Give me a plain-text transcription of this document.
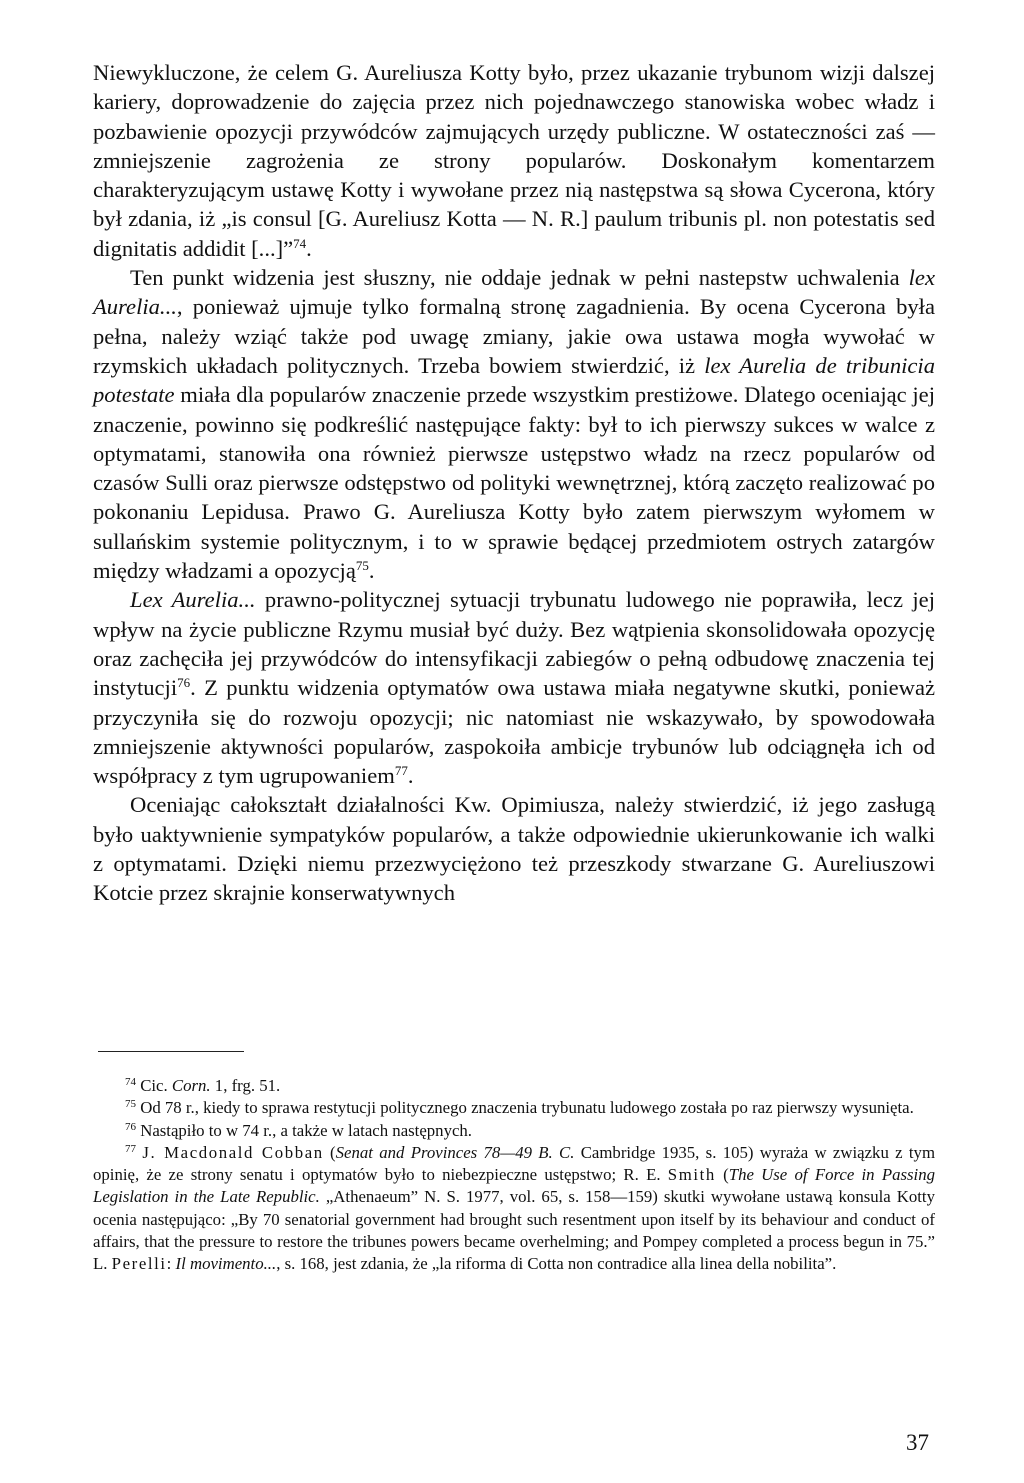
Niewykluczone, że celem G. Aureliusza Kotty było, przez ukazanie trybunom wizji dalszej kariery, doprowadzenie do zajęcia przez nich pojednawczego stanowiska wobec władz i pozbawienie opozycji przywódców zajmujących urzędy publiczne. W ostateczności zaś — zmniejszenie zagrożenia ze strony popularów. Doskonałym komentarzem charakteryzującym ustawę Kotty i wywołane przez nią następstwa są słowa Cycerona, który był zdania, iż „is consul [G. Aureliusz Kotta — N. R.] paulum tribunis pl. non potestatis sed dignitatis addidit [...]”$^{74}$.

Ten punkt widzenia jest słuszny, nie oddaje jednak w pełni nastepstw uchwalenia lex Aurelia..., ponieważ ujmuje tylko formalną stronę zagadnienia. By ocena Cycerona była pełna, należy wziąć także pod uwagę zmiany, jakie owa ustawa mogła wywołać w rzymskich układach politycznych. Trzeba bowiem stwierdzić, iż lex Aurelia de tribunicia potestate miała dla popularów znaczenie przede wszystkim prestiżowe. Dlatego oceniając jej znaczenie, powinno się podkreślić następujące fakty: był to ich pierwszy sukces w walce z optymatami, stanowiła ona również pierwsze ustępstwo władz na rzecz popularów od czasów Sulli oraz pierwsze odstępstwo od polityki wewnętrznej, którą zaczęto realizować po pokonaniu Lepidusa. Prawo G. Aureliusza Kotty było zatem pierwszym wyłomem w sullańskim systemie politycznym, i to w sprawie będącej przedmiotem ostrych zatargów między władzami a opozycją$^{75}$.

Lex Aurelia... prawno-politycznej sytuacji trybunatu ludowego nie poprawiła, lecz jej wpływ na życie publiczne Rzymu musiał być duży. Bez wątpienia skonsolidowała opozycję oraz zachęciła jej przywódców do intensyfikacji zabiegów o pełną odbudowę znaczenia tej instytucji$^{76}$. Z punktu widzenia optymatów owa ustawa miała negatywne skutki, ponieważ przyczyniła się do rozwoju opozycji; nic natomiast nie wskazywało, by spowodowała zmniejszenie aktywności popularów, zaspokoiła ambicje trybunów lub odciągnęła ich od współpracy z tym ugrupowaniem$^{77}$.

Oceniając całokształt działalności Kw. Opimiusza, należy stwierdzić, iż jego zasługą było uaktywnienie sympatyków popularów, a także odpowiednie ukierunkowanie ich walki z optymatami. Dzięki niemu przezwyciężono też przeszkody stwarzane G. Aureliuszowi Kotcie przez skrajnie konserwatywnych

$^{74}$ Cic. Corn. 1, frg. 51.

$^{75}$ Od 78 r., kiedy to sprawa restytucji politycznego znaczenia trybunatu ludowego została po raz pierwszy wysunięta.

$^{76}$ Nastąpiło to w 74 r., a także w latach następnych.

$^{77}$ J. Macdonald Cobban (Senat and Provinces 78—49 B. C. Cambridge 1935, s. 105) wyraża w związku z tym opinię, że ze strony senatu i optymatów było to niebezpieczne ustępstwo; R. E. Smith (The Use of Force in Passing Legislation in the Late Republic. „Athenaeum” N. S. 1977, vol. 65, s. 158—159) skutki wywołane ustawą konsula Kotty ocenia następująco: „By 70 senatorial government had brought such resentment upon itself by its behaviour and conduct of affairs, that the pressure to restore the tribunes powers became overhelming; and Pompey completed a process begun in 75.” L. Perelli: Il movimento..., s. 168, jest zdania, że „la riforma di Cotta non contradice alla linea della nobilita”.

37
